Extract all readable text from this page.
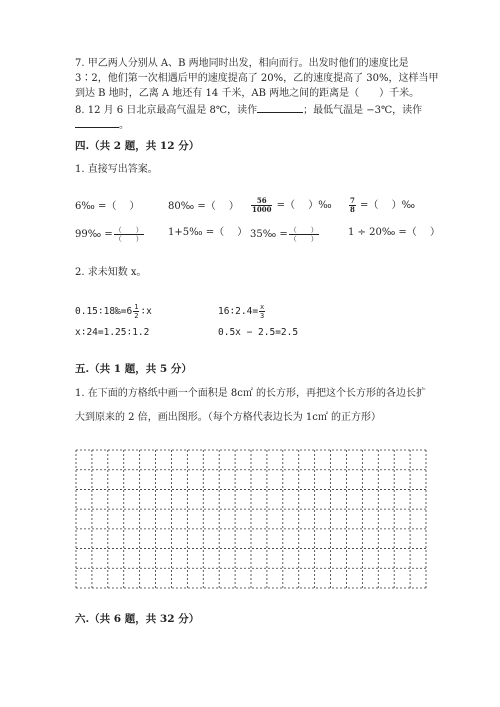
7. 甲乙两人分别从 A、B 两地同时出发，相向而行。出发时他们的速度比是
3∶2，他们第一次相遇后甲的速度提高了 20%，乙的速度提高了 30%，这样当甲
到达 B 地时，乙离 A 地还有 14 千米，AB 两地之间的距离是（　　）千米。
8. 12 月 6 日北京最高气温是 8℃，读作	；最低气温是 −3℃，读作
。
四.（共 2 题，共 12 分）
1. 直接写出答案。
6‰ =（　 ）	80‰ =（　 ） $\frac{56}{1000}$ =（　 ）‰ $\frac{7}{8}$ =（　 ）‰
99‰ = $\frac{( )}{( )}$ 1+5‰ =（　 ） 35‰ = $\frac{( )}{( )}$	1 ÷ 20‰ =（　 ）
2. 求未知数 x。
0.15∶18‰=6 $\frac{1}{2}$ ∶x	16∶2.4= $\frac{x}{3}$
x∶24=1.25∶1.2	0.5x − 2.5=2.5
五.（共 1 题，共 5 分）
1. 在下面的方格纸中画一个面积是 8c㎡ 的长方形，再把这个长方形的各边长扩
大到原来的 2 倍，画出图形。（每个方格代表边长为 1c㎡ 的正方形）
六.（共 6 题，共 32 分）
